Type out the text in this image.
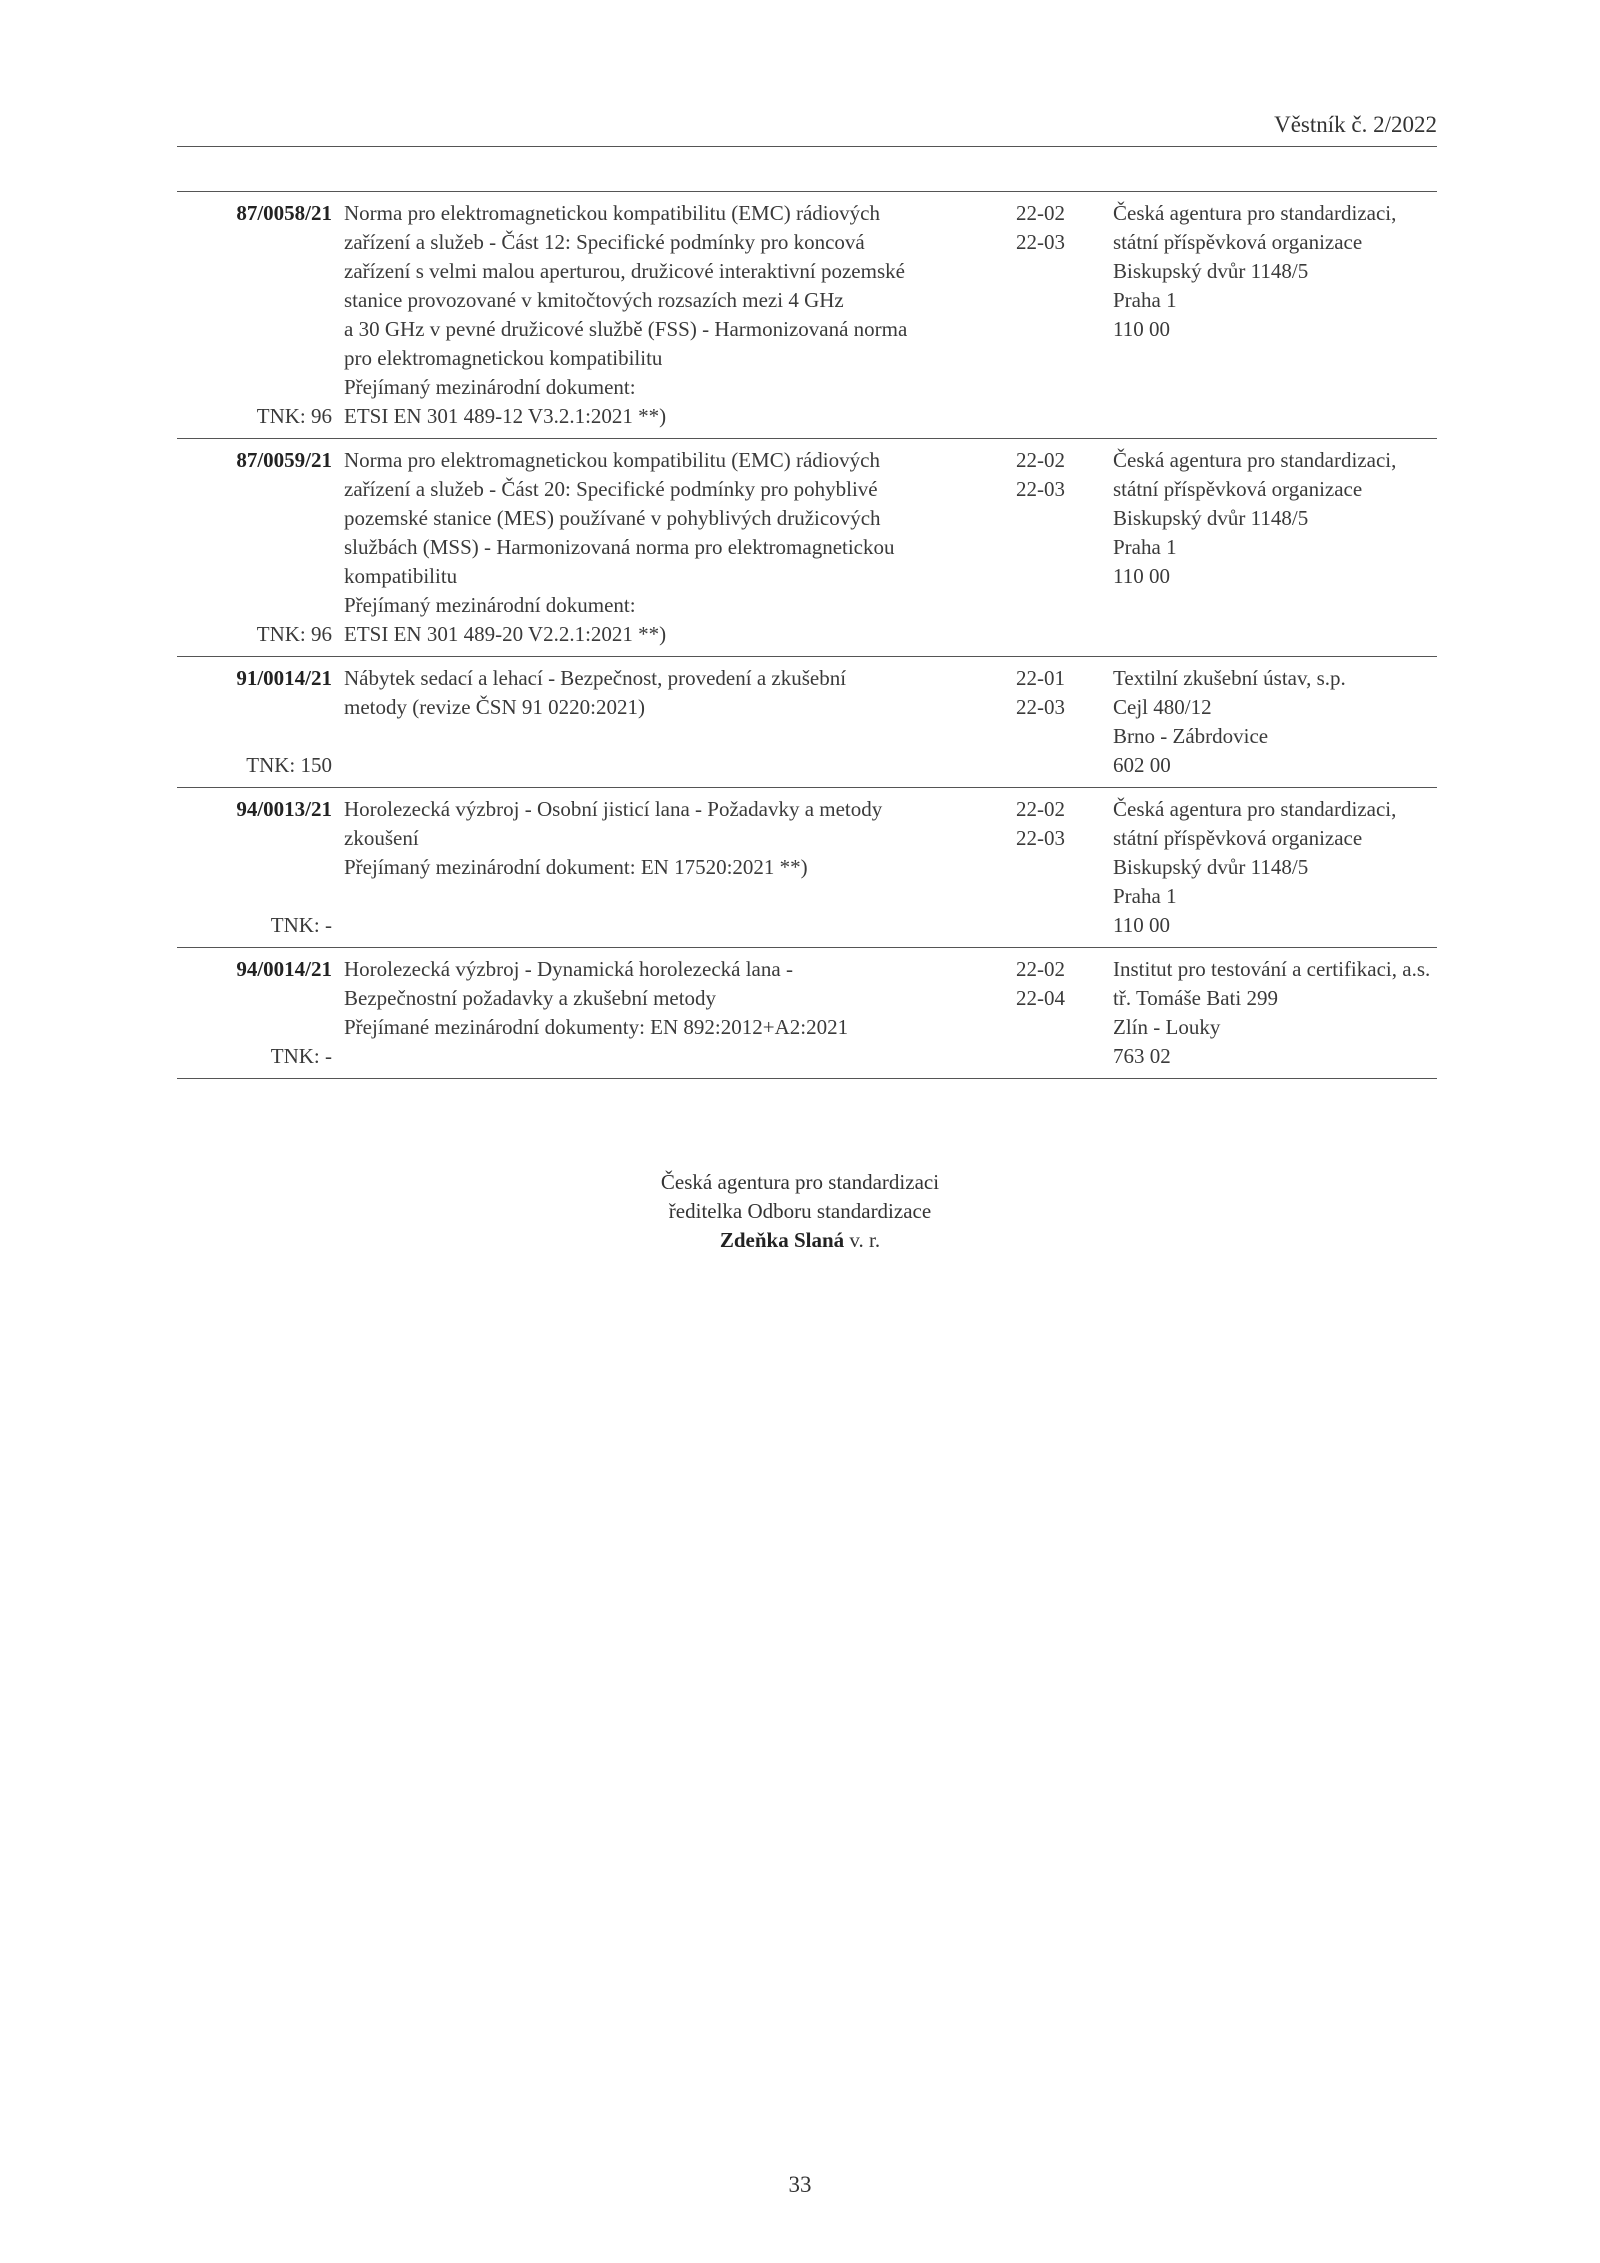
Věstník č. 2/2022
87/0058/21
TNK: 96
Norma pro elektromagnetickou kompatibilitu (EMC) rádiových
zařízení a služeb - Část 12: Specifické podmínky pro koncová
zařízení s velmi malou aperturou, družicové interaktivní pozemské
stanice provozované v kmitočtových rozsazích mezi 4 GHz
a 30 GHz v pevné družicové službě (FSS) - Harmonizovaná norma
pro elektromagnetickou kompatibilitu
Přejímaný mezinárodní dokument:
ETSI EN 301 489-12 V3.2.1:2021 **)
22-02
22-03
Česká agentura pro standardizaci,
státní příspěvková organizace
Biskupský dvůr 1148/5
Praha 1
110 00
87/0059/21
TNK: 96
Norma pro elektromagnetickou kompatibilitu (EMC) rádiových
zařízení a služeb - Část 20: Specifické podmínky pro pohyblivé
pozemské stanice (MES) používané v pohyblivých družicových
službách (MSS) - Harmonizovaná norma pro elektromagnetickou
kompatibilitu
Přejímaný mezinárodní dokument:
ETSI EN 301 489-20 V2.2.1:2021 **)
22-02
22-03
Česká agentura pro standardizaci,
státní příspěvková organizace
Biskupský dvůr 1148/5
Praha 1
110 00
91/0014/21
TNK: 150
Nábytek sedací a lehací - Bezpečnost, provedení a zkušební
metody (revize ČSN 91 0220:2021)
22-01
22-03
Textilní zkušební ústav, s.p.
Cejl 480/12
Brno - Zábrdovice
602 00
94/0013/21
TNK: -
Horolezecká výzbroj - Osobní jisticí lana - Požadavky a metody
zkoušení
Přejímaný mezinárodní dokument: EN 17520:2021 **)
22-02
22-03
Česká agentura pro standardizaci,
státní příspěvková organizace
Biskupský dvůr 1148/5
Praha 1
110 00
94/0014/21
TNK: -
Horolezecká výzbroj - Dynamická horolezecká lana -
Bezpečnostní požadavky a zkušební metody
Přejímané mezinárodní dokumenty: EN 892:2012+A2:2021
22-02
22-04
Institut pro testování a certifikaci, a.s.
tř. Tomáše Bati 299
Zlín - Louky
763 02
Česká agentura pro standardizaci
ředitelka Odboru standardizace
Zdeňka Slaná v. r.
33
